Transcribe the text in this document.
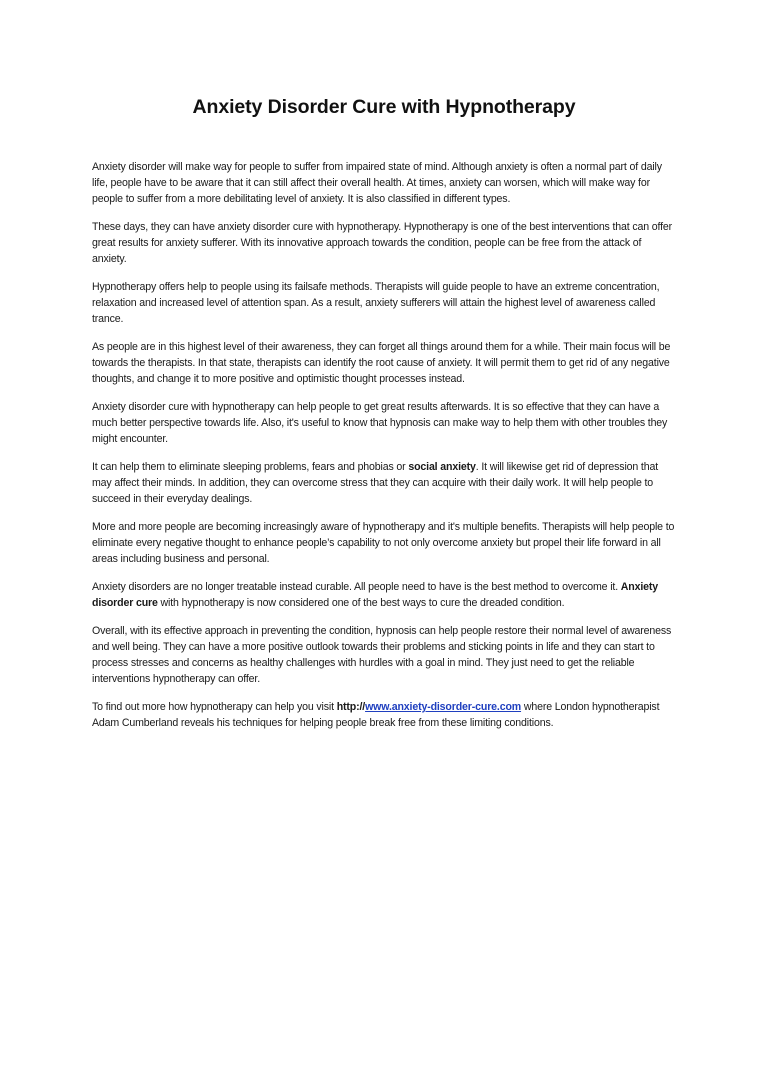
Anxiety Disorder Cure with Hypnotherapy

Anxiety disorder will make way for people to suffer from impaired state of mind. Although anxiety is often a normal part of daily life, people have to be aware that it can still affect their overall health. At times, anxiety can worsen, which will make way for people to suffer from a more debilitating level of anxiety. It is also classified in different types.

These days, they can have anxiety disorder cure with hypnotherapy. Hypnotherapy is one of the best interventions that can offer great results for anxiety sufferer. With its innovative approach towards the condition, people can be free from the attack of anxiety.

Hypnotherapy offers help to people using its failsafe methods. Therapists will guide people to have an extreme concentration, relaxation and increased level of attention span. As a result, anxiety sufferers will attain the highest level of awareness called trance.

As people are in this highest level of their awareness, they can forget all things around them for a while. Their main focus will be towards the therapists. In that state, therapists can identify the root cause of anxiety. It will permit them to get rid of any negative thoughts, and change it to more positive and optimistic thought processes instead.

Anxiety disorder cure with hypnotherapy can help people to get great results afterwards. It is so effective that they can have a much better perspective towards life. Also, it's useful to know that hypnosis can make way to help them with other troubles they might encounter.

It can help them to eliminate sleeping problems, fears and phobias or social anxiety. It will likewise get rid of depression that may affect their minds. In addition, they can overcome stress that they can acquire with their daily work. It will help people to succeed in their everyday dealings.

More and more people are becoming increasingly aware of hypnotherapy and it's multiple benefits. Therapists will help people to eliminate every negative thought to enhance people’s capability to not only overcome anxiety but propel their life forward in all areas including business and personal.

Anxiety disorders are no longer treatable instead curable. All people need to have is the best method to overcome it. Anxiety disorder cure with hypnotherapy is now considered one of the best ways to cure the dreaded condition.

Overall, with its effective approach in preventing the condition, hypnosis can help people restore their normal level of awareness and well being. They can have a more positive outlook towards their problems and sticking points in life and they can start to process stresses and concerns as healthy challenges with hurdles with a goal in mind. They just need to get the reliable interventions hypnotherapy can offer.

To find out more how hypnotherapy can help you visit http://www.anxiety-disorder-cure.com where London hypnotherapist Adam Cumberland reveals his techniques for helping people break free from these limiting conditions.
